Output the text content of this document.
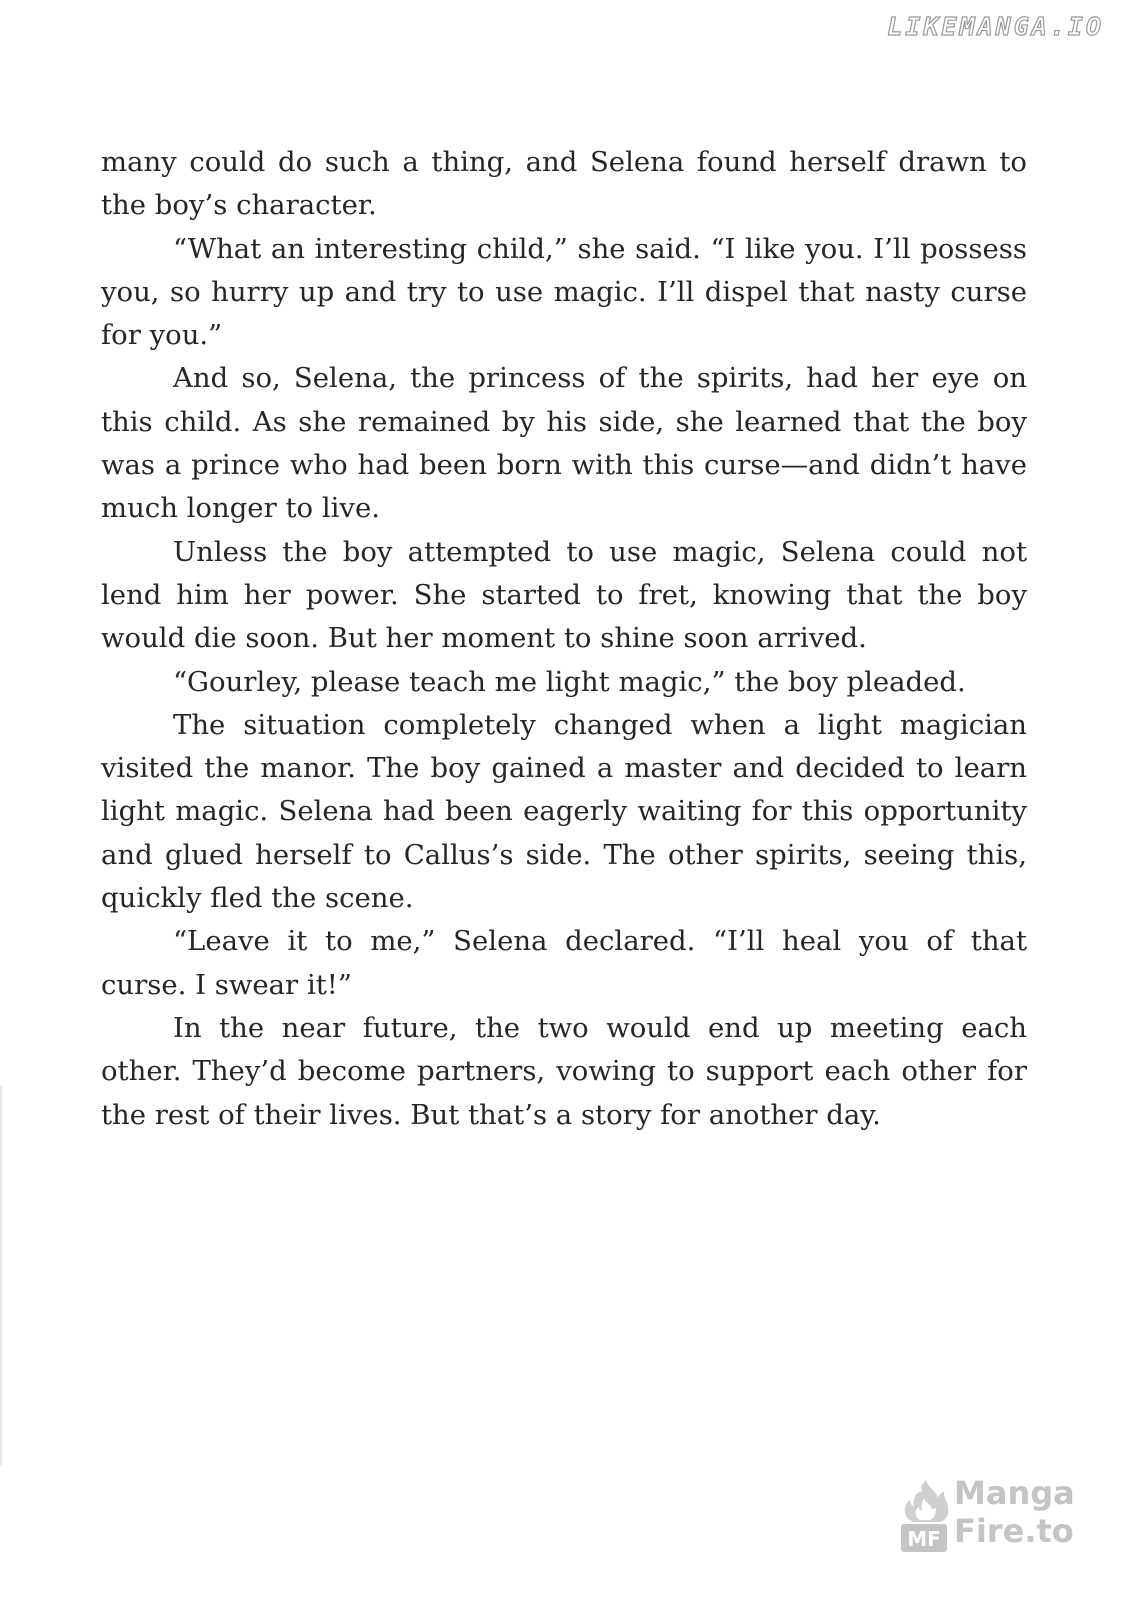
LIKEMANGA.IO

many could do such a thing, and Selena found herself drawn to the boy’s character.

“What an interesting child,” she said. “I like you. I’ll possess you, so hurry up and try to use magic. I’ll dispel that nasty curse for you.”

And so, Selena, the princess of the spirits, had her eye on this child. As she remained by his side, she learned that the boy was a prince who had been born with this curse—and didn’t have much longer to live.

Unless the boy attempted to use magic, Selena could not lend him her power. She started to fret, knowing that the boy would die soon. But her moment to shine soon arrived.

“Gourley, please teach me light magic,” the boy pleaded.

The situation completely changed when a light magician visited the manor. The boy gained a master and decided to learn light magic. Selena had been eagerly waiting for this opportunity and glued herself to Callus’s side. The other spirits, seeing this, quickly fled the scene.

“Leave it to me,” Selena declared. “I’ll heal you of that curse. I swear it!”

In the near future, the two would end up meeting each other. They’d become partners, vowing to support each other for the rest of their lives. But that’s a story for another day.

MF
Manga
Fire.to
